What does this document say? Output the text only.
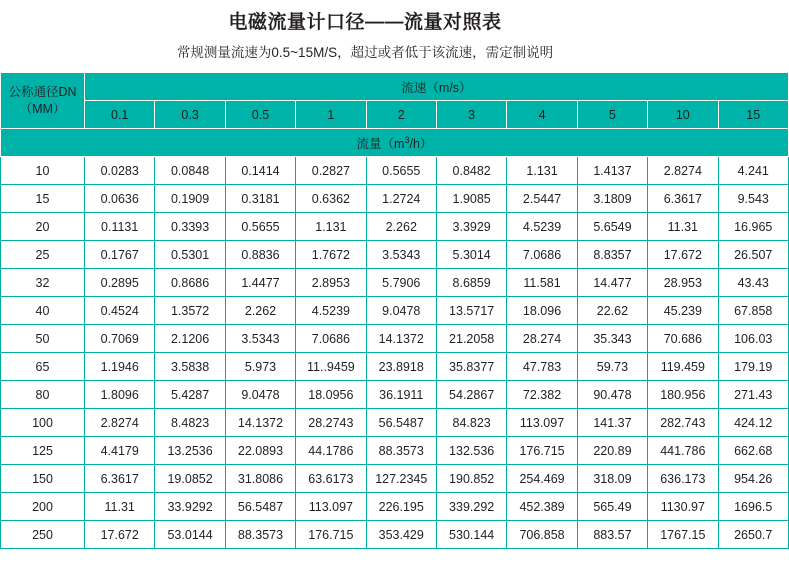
电磁流量计口径——流量对照表
常规测量流速为0.5~15M/S，超过或者低于该流速，需定制说明
公称通径DN
（MM）	流速（m/s）									
	0.1	0.3	0.5	1	2	3	4	5	10	15
流量$(m^3/h)$										
10	0.0283	0.0848	0.1414	0.2827	0.5655	0.8482	1.131	1.4137	2.8274	4.241
15	0.0636	0.1909	0.3181	0.6362	1.2724	1.9085	2.5447	3.1809	6.3617	9.543
20	0.1131	0.3393	0.5655	1.131	2.262	3.3929	4.5239	5.6549	11.31	16.965
25	0.1767	0.5301	0.8836	1.7672	3.5343	5.3014	7.0686	8.8357	17.672	26.507
32	0.2895	0.8686	1.4477	2.8953	5.7906	8.6859	11.581	14.477	28.953	43.43
40	0.4524	1.3572	2.262	4.5239	9.0478	13.5717	18.096	22.62	45.239	67.858
50	0.7069	2.1206	3.5343	7.0686	14.1372	21.2058	28.274	35.343	70.686	106.03
65	1.1946	3.5838	5.973	11..9459	23.8918	35.8377	47.783	59.73	119.459	179.19
80	1.8096	5.4287	9.0478	18.0956	36.1911	54.2867	72.382	90.478	180.956	271.43
100	2.8274	8.4823	14.1372	28.2743	56.5487	84.823	113.097	141.37	282.743	424.12
125	4.4179	13.2536	22.0893	44.1786	88.3573	132.536	176.715	220.89	441.786	662.68
150	6.3617	19.0852	31.8086	63.6173	127.2345	190.852	254.469	318.09	636.173	954.26
200	11.31	33.9292	56.5487	113.097	226.195	339.292	452.389	565.49	1130.97	1696.5
250	17.672	53.0144	88.3573	176.715	353.429	530.144	706.858	883.57	1767.15	2650.7
